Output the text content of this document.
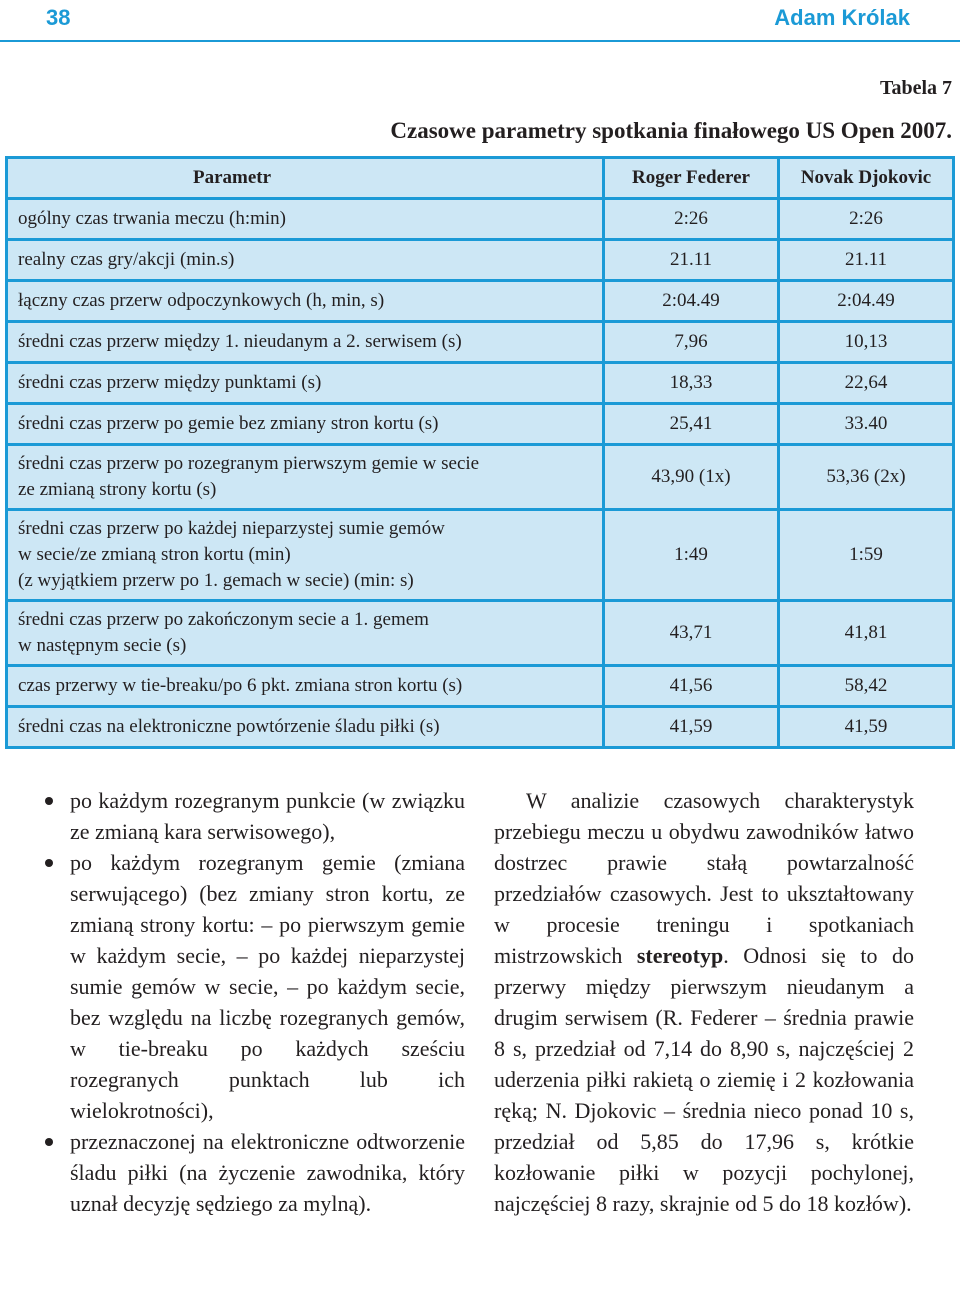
38	Adam Królak
Tabela 7
Czasowe parametry spotkania finałowego US Open 2007.
Parametr	Roger Federer	Novak Djokovic
ogólny czas trwania meczu (h:min)	2:26	2:26
realny czas gry/akcji (min.s)	21.11	21.11
łączny czas przerw odpoczynkowych (h, min, s)	2:04.49	2:04.49
średni czas przerw między 1. nieudanym a 2. serwisem (s)	7,96	10,13
średni czas przerw między punktami (s)	18,33	22,64
średni czas przerw po gemie bez zmiany stron kortu (s)	25,41	33.40

średni czas przerw po rozegranym pierwszym gemie w secie
ze zmianą strony kortu (s)	43,90 (1x)	53,36 (2x)

średni czas przerw po każdej nieparzystej sumie gemów
w secie/ze zmianą stron kortu (min)
(z wyjątkiem przerw po 1. gemach w secie) (min: s)	1:49	1:59

średni czas przerw po zakończonym secie a 1. gemem
w następnym secie (s)	43,71	41,81
czas przerwy w tie-breaku/po 6 pkt. zmiana stron kortu (s)	41,56	58,42
średni czas na elektroniczne powtórzenie śladu piłki (s)	41,59	41,59
po każdym rozegranym punkcie (w związku ze zmianą kara serwisowego),
po każdym rozegranym gemie (zmiana serwującego) (bez zmiany stron kortu, ze zmianą strony kortu: – po pierwszym gemie w każdym secie, – po każdej nieparzystej sumie gemów w secie, – po każdym secie, bez względu na liczbę rozegranych gemów, w tie-breaku po każdych sześciu rozegranych punktach lub ich wielokrotności),
przeznaczonej na elektroniczne odtworzenie śladu piłki (na życzenie zawodnika, który uznał decyzję sędziego za mylną).

W analizie czasowych charakterystyk przebiegu meczu u obydwu zawodników łatwo dostrzec prawie stałą powtarzalność przedziałów czasowych. Jest to ukształtowany w procesie treningu i spotkaniach mistrzowskich stereotyp. Odnosi się to do przerwy między pierwszym nieudanym a drugim serwisem (R. Federer – średnia prawie 8 s, przedział od 7,14 do 8,90 s, najczęściej 2 uderzenia piłki rakietą o ziemię i 2 kozłowania ręką; N. Djokovic – średnia nieco ponad 10 s, przedział od 5,85 do 17,96 s, krótkie kozłowanie piłki w pozycji pochylonej, najczęściej 8 razy, skrajnie od 5 do 18 kozłów).
